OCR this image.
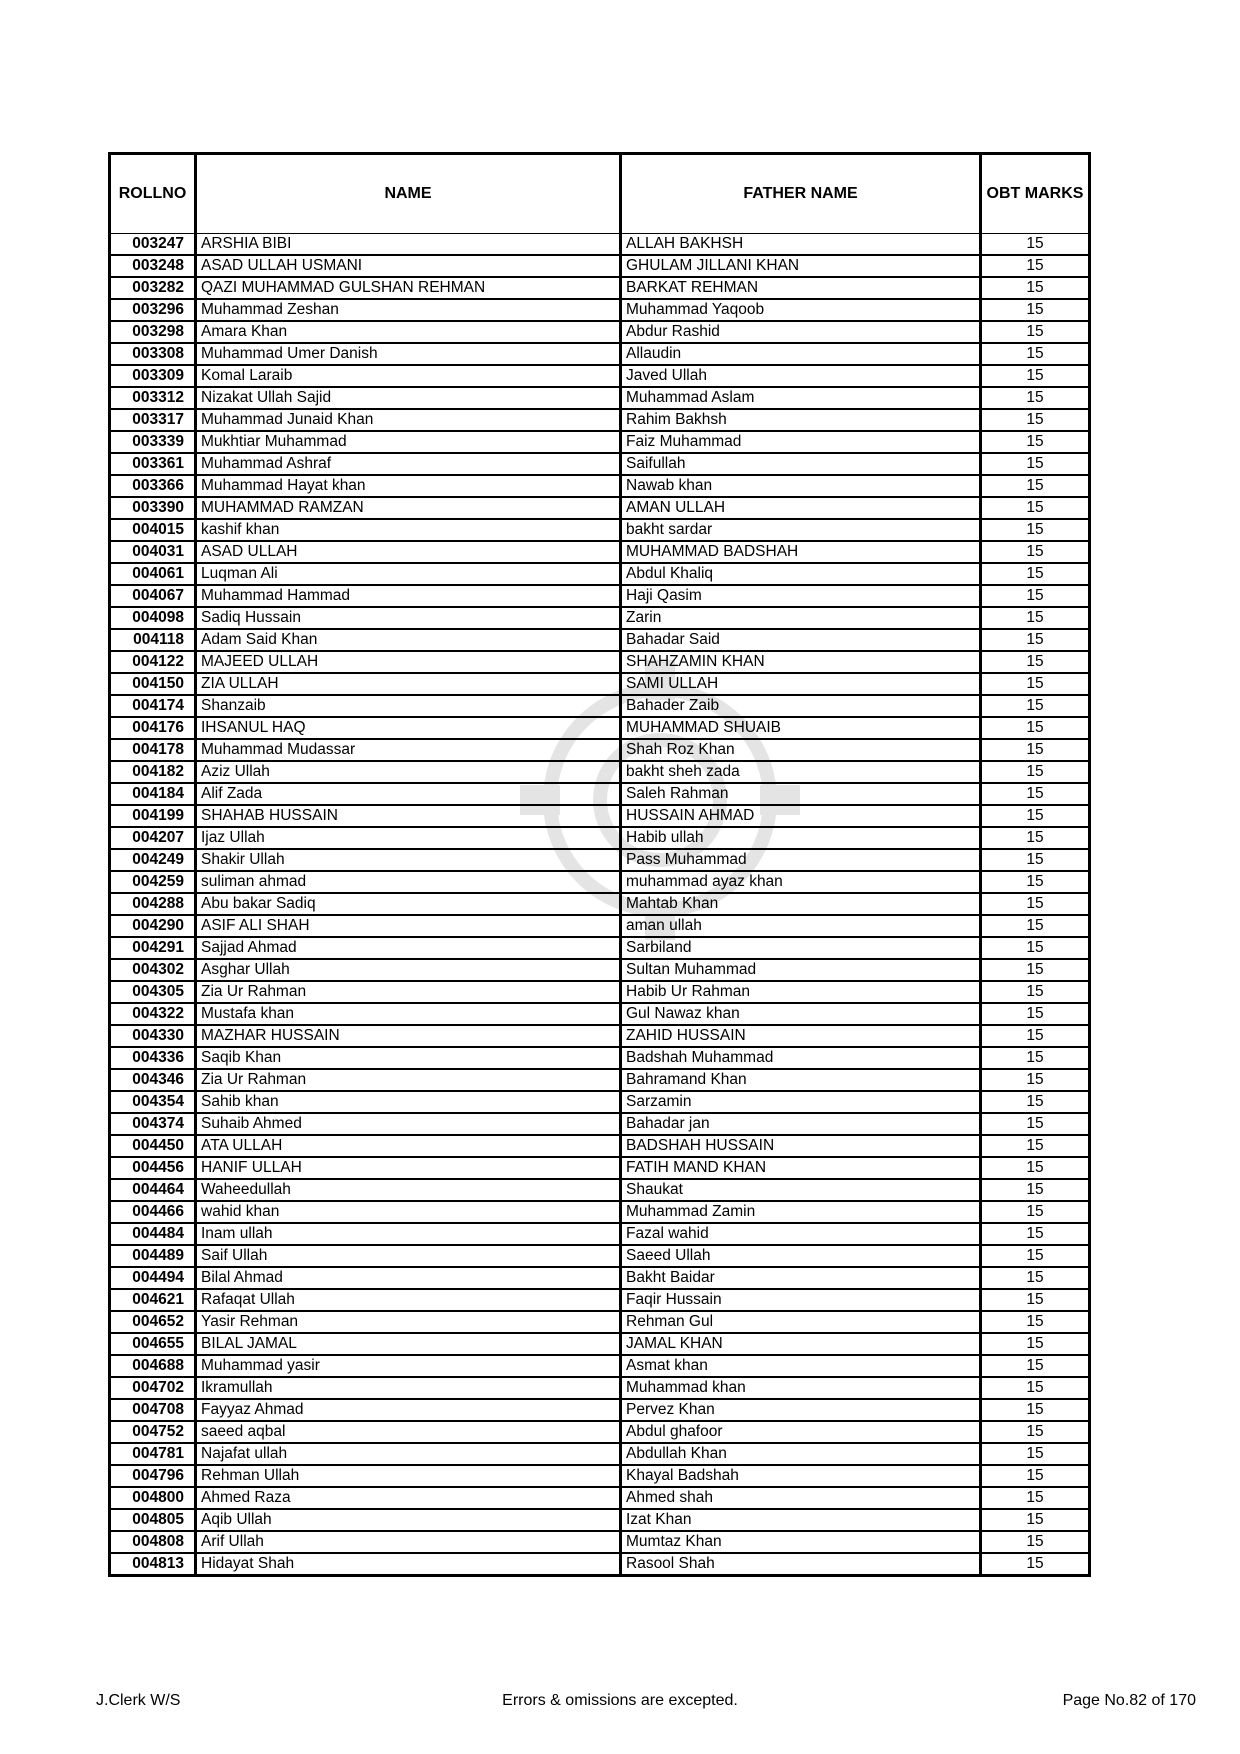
ROLLNO	NAME	FATHER NAME	OBT MARKS
003247	ARSHIA BIBI	ALLAH BAKHSH	15
003248	ASAD ULLAH USMANI	GHULAM JILLANI KHAN	15
003282	QAZI MUHAMMAD GULSHAN REHMAN	BARKAT REHMAN	15
003296	Muhammad Zeshan	Muhammad Yaqoob	15
003298	Amara Khan	Abdur Rashid	15
003308	Muhammad Umer Danish	Allaudin	15
003309	Komal Laraib	Javed Ullah	15
003312	Nizakat Ullah Sajid	Muhammad Aslam	15
003317	Muhammad Junaid Khan	Rahim Bakhsh	15
003339	Mukhtiar Muhammad	Faiz Muhammad	15
003361	Muhammad Ashraf	Saifullah	15
003366	Muhammad Hayat khan	Nawab khan	15
003390	MUHAMMAD RAMZAN	AMAN ULLAH	15
004015	kashif khan	bakht sardar	15
004031	ASAD ULLAH	MUHAMMAD BADSHAH	15
004061	Luqman Ali	Abdul Khaliq	15
004067	Muhammad Hammad	Haji Qasim	15
004098	Sadiq Hussain	Zarin	15
004118	Adam Said Khan	Bahadar Said	15
004122	MAJEED ULLAH	SHAHZAMIN KHAN	15
004150	ZIA ULLAH	SAMI ULLAH	15
004174	Shanzaib	Bahader Zaib	15
004176	IHSANUL HAQ	MUHAMMAD SHUAIB	15
004178	Muhammad Mudassar	Shah Roz Khan	15
004182	Aziz Ullah	bakht sheh zada	15
004184	Alif Zada	Saleh Rahman	15
004199	SHAHAB HUSSAIN	HUSSAIN AHMAD	15
004207	Ijaz Ullah	Habib ullah	15
004249	Shakir Ullah	Pass Muhammad	15
004259	suliman ahmad	muhammad ayaz khan	15
004288	Abu bakar Sadiq	Mahtab Khan	15
004290	ASIF ALI SHAH	aman ullah	15
004291	Sajjad Ahmad	Sarbiland	15
004302	Asghar Ullah	Sultan Muhammad	15
004305	Zia Ur Rahman	Habib Ur Rahman	15
004322	Mustafa khan	Gul Nawaz khan	15
004330	MAZHAR HUSSAIN	ZAHID HUSSAIN	15
004336	Saqib Khan	Badshah Muhammad	15
004346	Zia Ur Rahman	Bahramand Khan	15
004354	Sahib khan	Sarzamin	15
004374	Suhaib Ahmed	Bahadar jan	15
004450	ATA ULLAH	BADSHAH HUSSAIN	15
004456	HANIF ULLAH	FATIH MAND KHAN	15
004464	Waheedullah	Shaukat	15
004466	wahid khan	Muhammad Zamin	15
004484	Inam ullah	Fazal wahid	15
004489	Saif Ullah	Saeed Ullah	15
004494	Bilal Ahmad	Bakht Baidar	15
004621	Rafaqat Ullah	Faqir Hussain	15
004652	Yasir Rehman	Rehman Gul	15
004655	BILAL JAMAL	JAMAL KHAN	15
004688	Muhammad yasir	Asmat khan	15
004702	Ikramullah	Muhammad khan	15
004708	Fayyaz Ahmad	Pervez Khan	15
004752	saeed aqbal	Abdul ghafoor	15
004781	Najafat ullah	Abdullah Khan	15
004796	Rehman Ullah	Khayal Badshah	15
004800	Ahmed Raza	Ahmed shah	15
004805	Aqib Ullah	Izat Khan	15
004808	Arif Ullah	Mumtaz Khan	15
004813	Hidayat Shah	Rasool Shah	15
J.Clerk W/S	Errors & omissions are excepted.	Page No.82 of 170
